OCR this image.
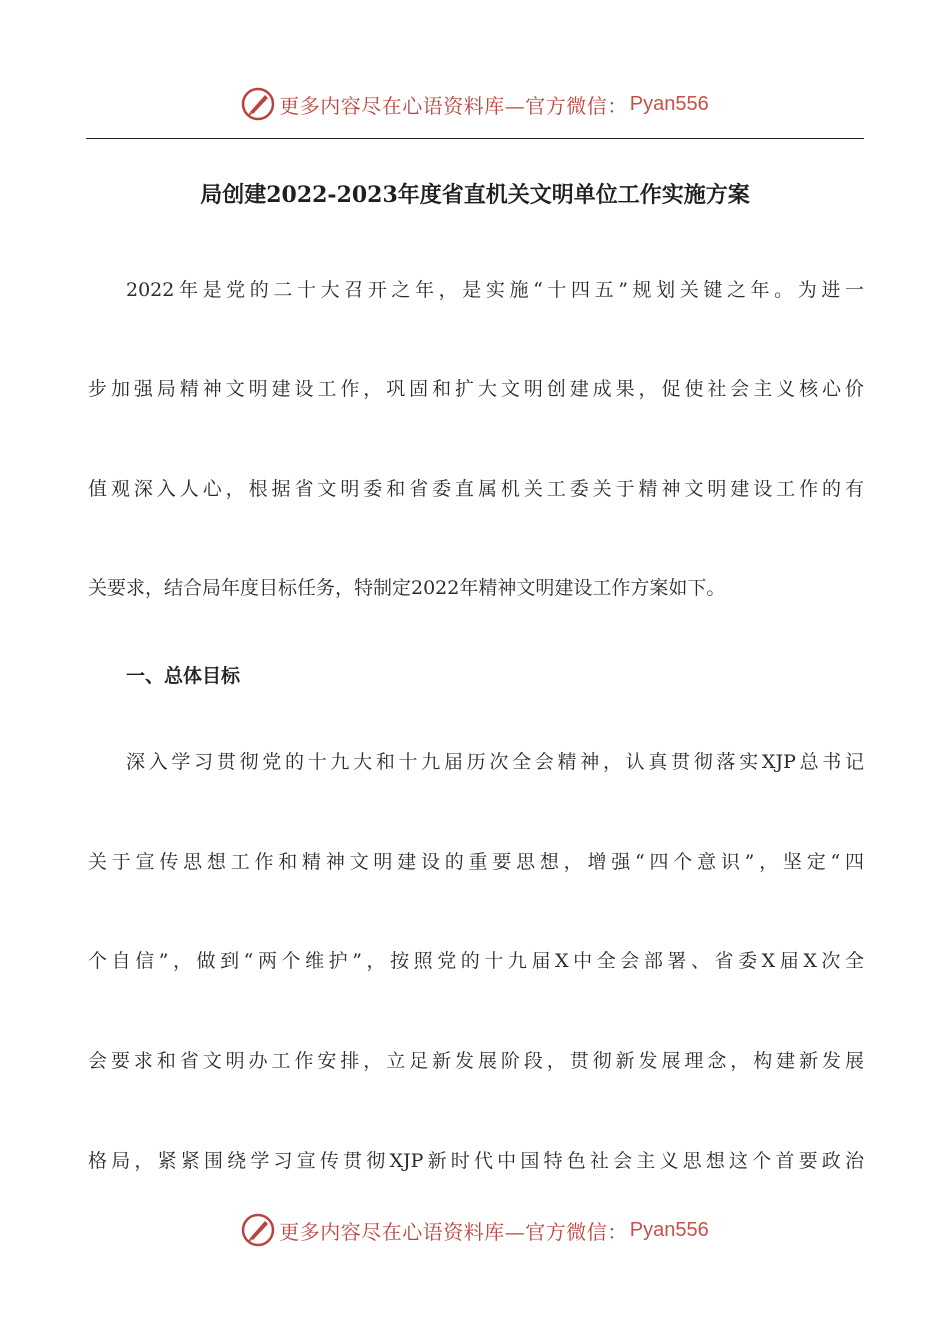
更多内容尽在心语资料库—官方微信： Pyan556
局创建2022-2023年度省直机关文明单位工作实施方案
2022年是党的二十大召开之年，是实施“十四五”规划关键之年。为进一
步加强局精神文明建设工作，巩固和扩大文明创建成果，促使社会主义核心价
值观深入人心，根据省文明委和省委直属机关工委关于精神文明建设工作的有
关要求，结合局年度目标任务，特制定2022年精神文明建设工作方案如下。
一、总体目标
深入学习贯彻党的十九大和十九届历次全会精神，认真贯彻落实XJP总书记
关于宣传思想工作和精神文明建设的重要思想，增强“四个意识”，坚定“四
个自信”，做到“两个维护”，按照党的十九届X中全会部署、省委X届X次全
会要求和省文明办工作安排，立足新发展阶段，贯彻新发展理念，构建新发展
格局，紧紧围绕学习宣传贯彻XJP新时代中国特色社会主义思想这个首要政治
更多内容尽在心语资料库—官方微信： Pyan556
